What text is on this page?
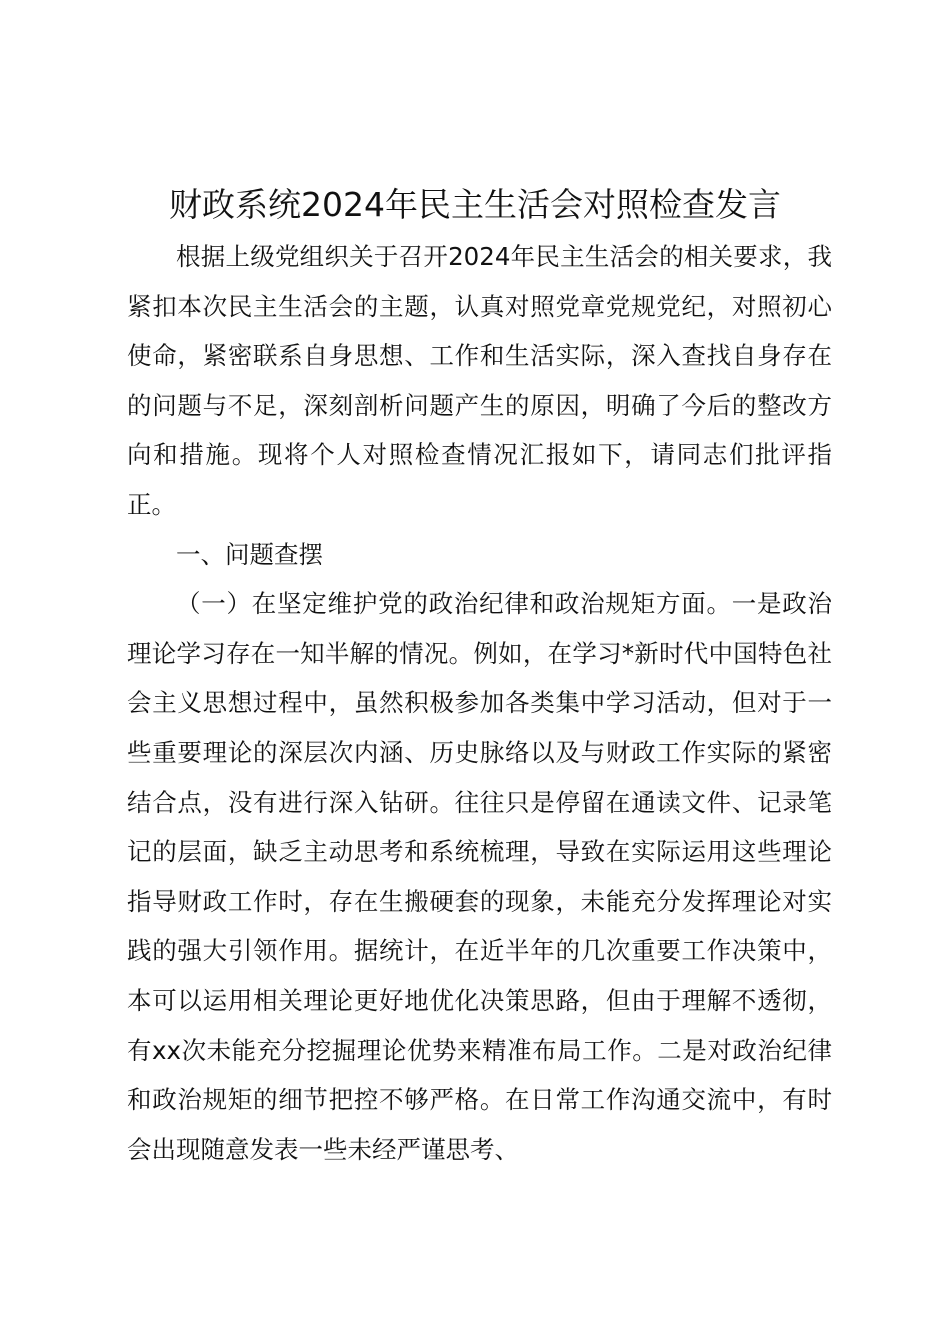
财政系统2024年民主生活会对照检查发言

根据上级党组织关于召开2024年民主生活会的相关要求，我紧扣本次民主生活会的主题，认真对照党章党规党纪，对照初心使命，紧密联系自身思想、工作和生活实际，深入查找自身存在的问题与不足，深刻剖析问题产生的原因，明确了今后的整改方向和措施。现将个人对照检查情况汇报如下，请同志们批评指正。

一、问题查摆

（一）在坚定维护党的政治纪律和政治规矩方面。一是政治理论学习存在一知半解的情况。例如，在学习*新时代中国特色社会主义思想过程中，虽然积极参加各类集中学习活动，但对于一些重要理论的深层次内涵、历史脉络以及与财政工作实际的紧密结合点，没有进行深入钻研。往往只是停留在通读文件、记录笔记的层面，缺乏主动思考和系统梳理，导致在实际运用这些理论指导财政工作时，存在生搬硬套的现象，未能充分发挥理论对实践的强大引领作用。据统计，在近半年的几次重要工作决策中，本可以运用相关理论更好地优化决策思路，但由于理解不透彻，有xx次未能充分挖掘理论优势来精准布局工作。二是对政治纪律和政治规矩的细节把控不够严格。在日常工作沟通交流中，有时会出现随意发表一些未经严谨思考、
